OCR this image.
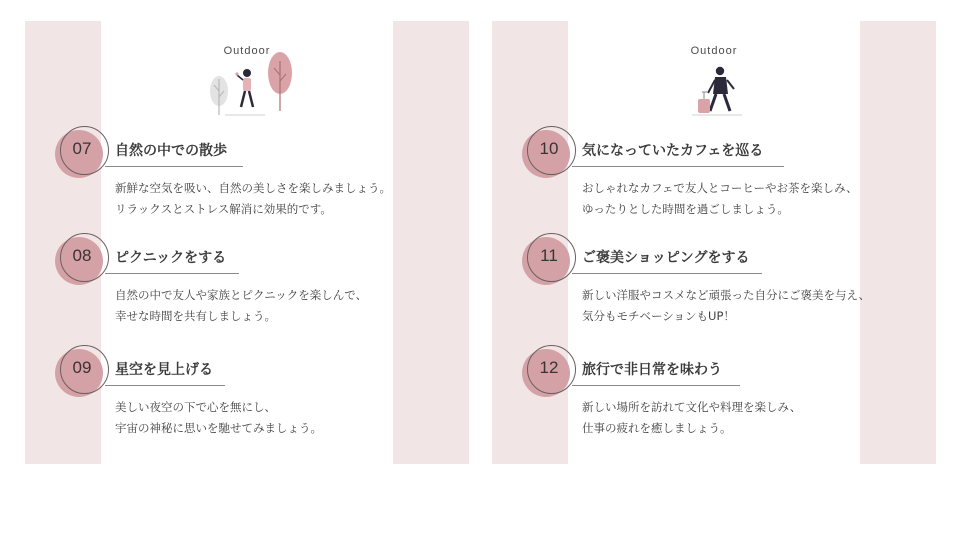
Outdoor
07	自然の中での散歩
新鮮な空気を吸い、自然の美しさを楽しみましょう。
リラックスとストレス解消に効果的です。
08	ピクニックをする
自然の中で友人や家族とピクニックを楽しんで、
幸せな時間を共有しましょう。
09	星空を見上げる
美しい夜空の下で心を無にし、
宇宙の神秘に思いを馳せてみましょう。
Outdoor
10	気になっていたカフェを巡る
おしゃれなカフェで友人とコーヒーやお茶を楽しみ、
ゆったりとした時間を過ごしましょう。
11	ご褒美ショッピングをする
新しい洋服やコスメなど頑張った自分にご褒美を与え、
気分もモチベーションもUP！
12	旅行で非日常を味わう
新しい場所を訪れて文化や料理を楽しみ、
仕事の疲れを癒しましょう。
